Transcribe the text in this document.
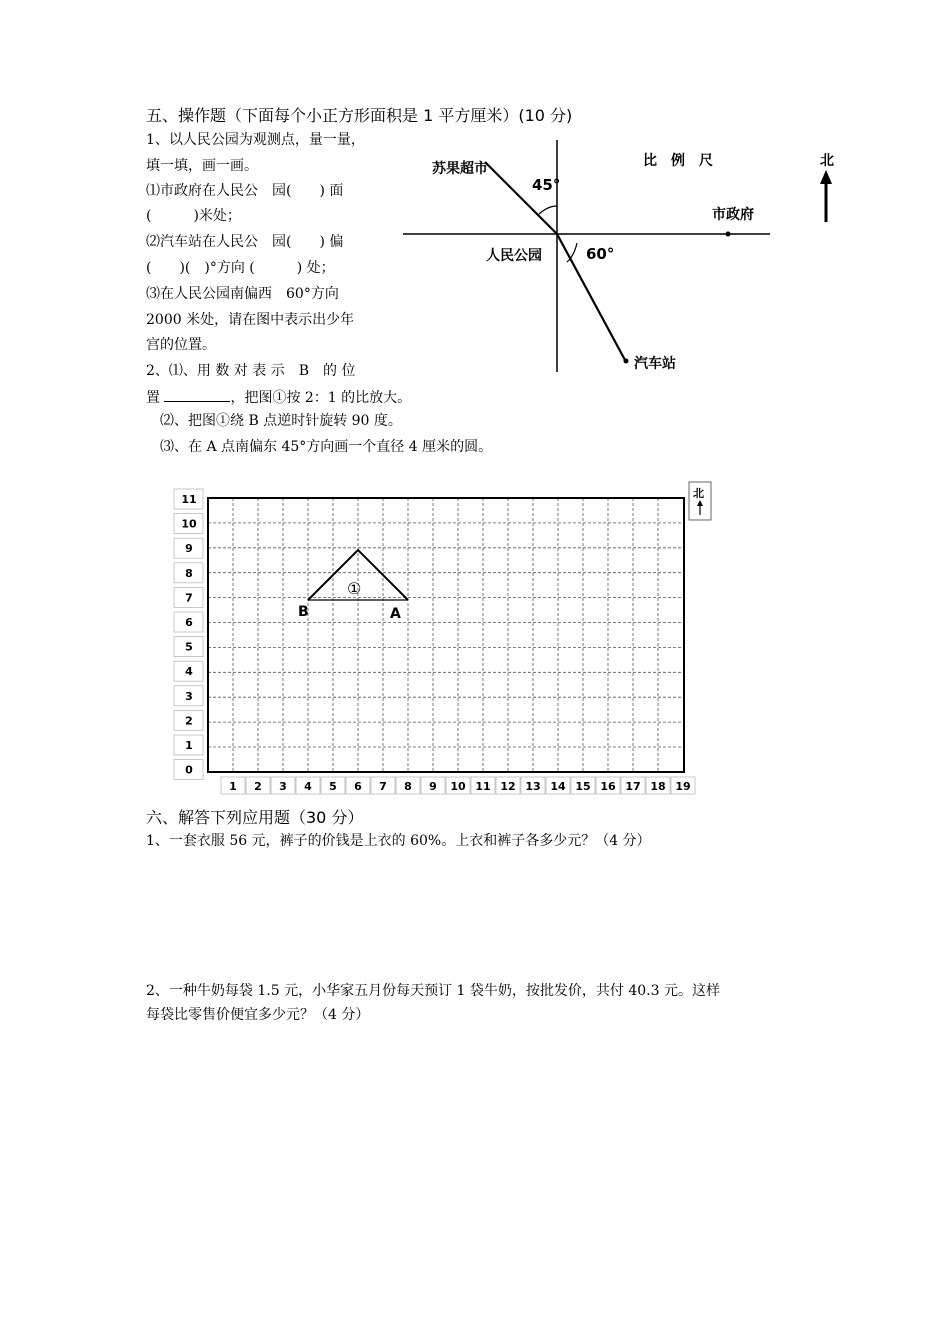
五、操作题（下面每个小正方形面积是 1 平方厘米）(10 分)
1、以人民公园为观测点，量一量，
填一填，画一画。
⑴市政府在人民公　园(　　) 面
(　　　)米处；
⑵汽车站在人民公　园(　　) 偏
(　　)(　)°方向 (　　　) 处；
⑶在人民公园南偏西　60°方向
2000 米处，请在图中表示出少年
宫的位置。
2、⑴、用 数 对 表 示　B　的 位
置	，把图①按 2：1 的比放大。
⑵、把图①绕 B 点逆时针旋转 90 度。
⑶、在 A 点南偏东 45°方向画一个直径 4 厘米的圆。
苏果超市
45°
人民公园	60°
市政府
汽车站
比　例　尺	北
11
10
9
8
7
6
5
4
3
2
1
0
1 2 3 4 5 6 7 8 9 10 11 12 13 14 15 16 17 18 19
B	A
①
北
六、解答下列应用题（30 分）
1、一套衣服 56 元，裤子的价钱是上衣的 60%。上衣和裤子各多少元？（4 分）
2、一种牛奶每袋 1.5 元，小华家五月份每天预订 1 袋牛奶，按批发价，共付 40.3 元。这样
每袋比零售价便宜多少元？（4 分）
